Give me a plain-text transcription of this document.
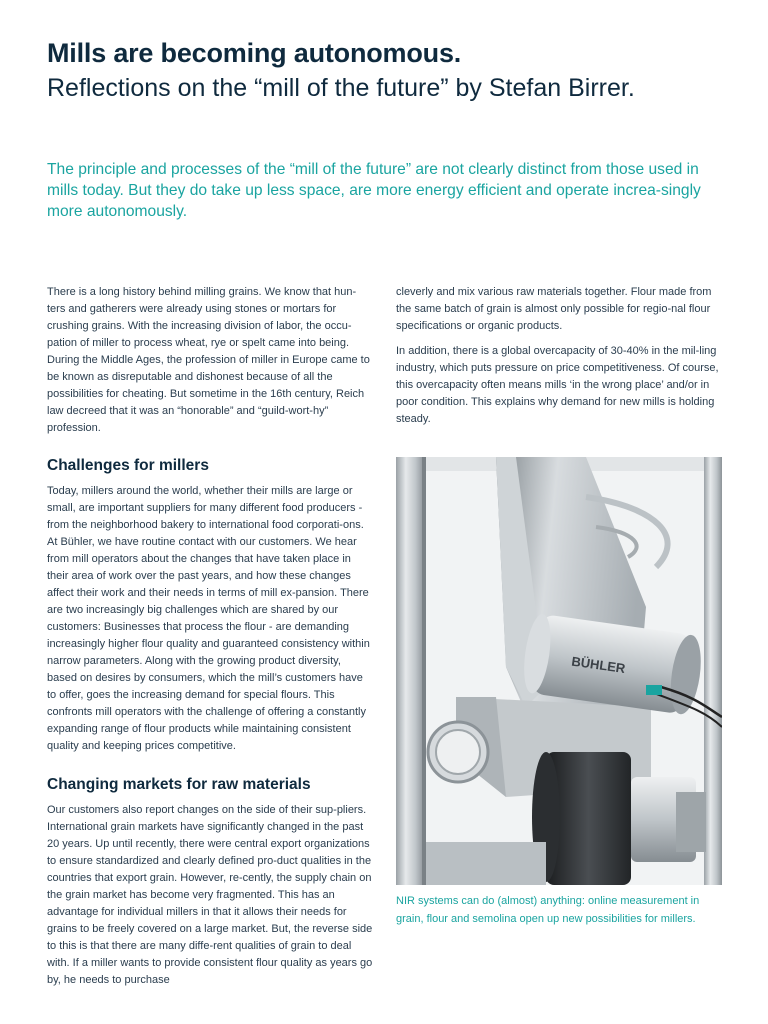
Mills are becoming autonomous.
Reflections on the “mill of the future” by Stefan Birrer.

The principle and processes of the “mill of the future” are not clearly distinct from those used in mills today. But they do take up less space, are more energy efficient and operate increa-singly more autonomously.

There is a long history behind milling grains. We know that hun-ters and gatherers were already using stones or mortars for crushing grains. With the increasing division of labor, the occu-pation of miller to process wheat, rye or spelt came into being. During the Middle Ages, the profession of miller in Europe came to be known as disreputable and dishonest because of all the possibilities for cheating. But sometime in the 16th century, Reich law decreed that it was an “honorable” and “guild-wort-hy” profession.

Challenges for millers

Today, millers around the world, whether their mills are large or small, are important suppliers for many different food producers - from the neighborhood bakery to international food corporati-ons. At Bühler, we have routine contact with our customers. We hear from mill operators about the changes that have taken place in their area of work over the past years, and how these changes affect their work and their needs in terms of mill ex-pansion. There are two increasingly big challenges which are shared by our customers: Businesses that process the flour - are demanding increasingly higher flour quality and guaranteed consistency within narrow parameters. Along with the growing product diversity, based on desires by consumers, which the mill’s customers have to offer, goes the increasing demand for special flours. This confronts mill operators with the challenge of offering a constantly expanding range of flour products while maintaining consistent quality and keeping prices competitive.

Changing markets for raw materials

Our customers also report changes on the side of their sup-pliers. International grain markets have significantly changed in the past 20 years. Up until recently, there were central export organizations to ensure standardized and clearly defined pro-duct qualities in the countries that export grain. However, re-cently, the supply chain on the grain market has become very fragmented. This has an advantage for individual millers in that it allows their needs for grains to be freely covered on a large market. But, the reverse side to this is that there are many diffe-rent qualities of grain to deal with. If a miller wants to provide consistent flour quality as years go by, he needs to purchase

cleverly and mix various raw materials together. Flour made from the same batch of grain is almost only possible for regio-nal flour specifications or organic products.

In addition, there is a global overcapacity of 30-40% in the mil-ling industry, which puts pressure on price competitiveness. Of course, this overcapacity often means mills ‘in the wrong place’ and/or in poor condition. This explains why demand for new mills is holding steady.

BÜHLER

NIR systems can do (almost) anything: online measurement in grain, flour and semolina open up new possibilities for millers.
